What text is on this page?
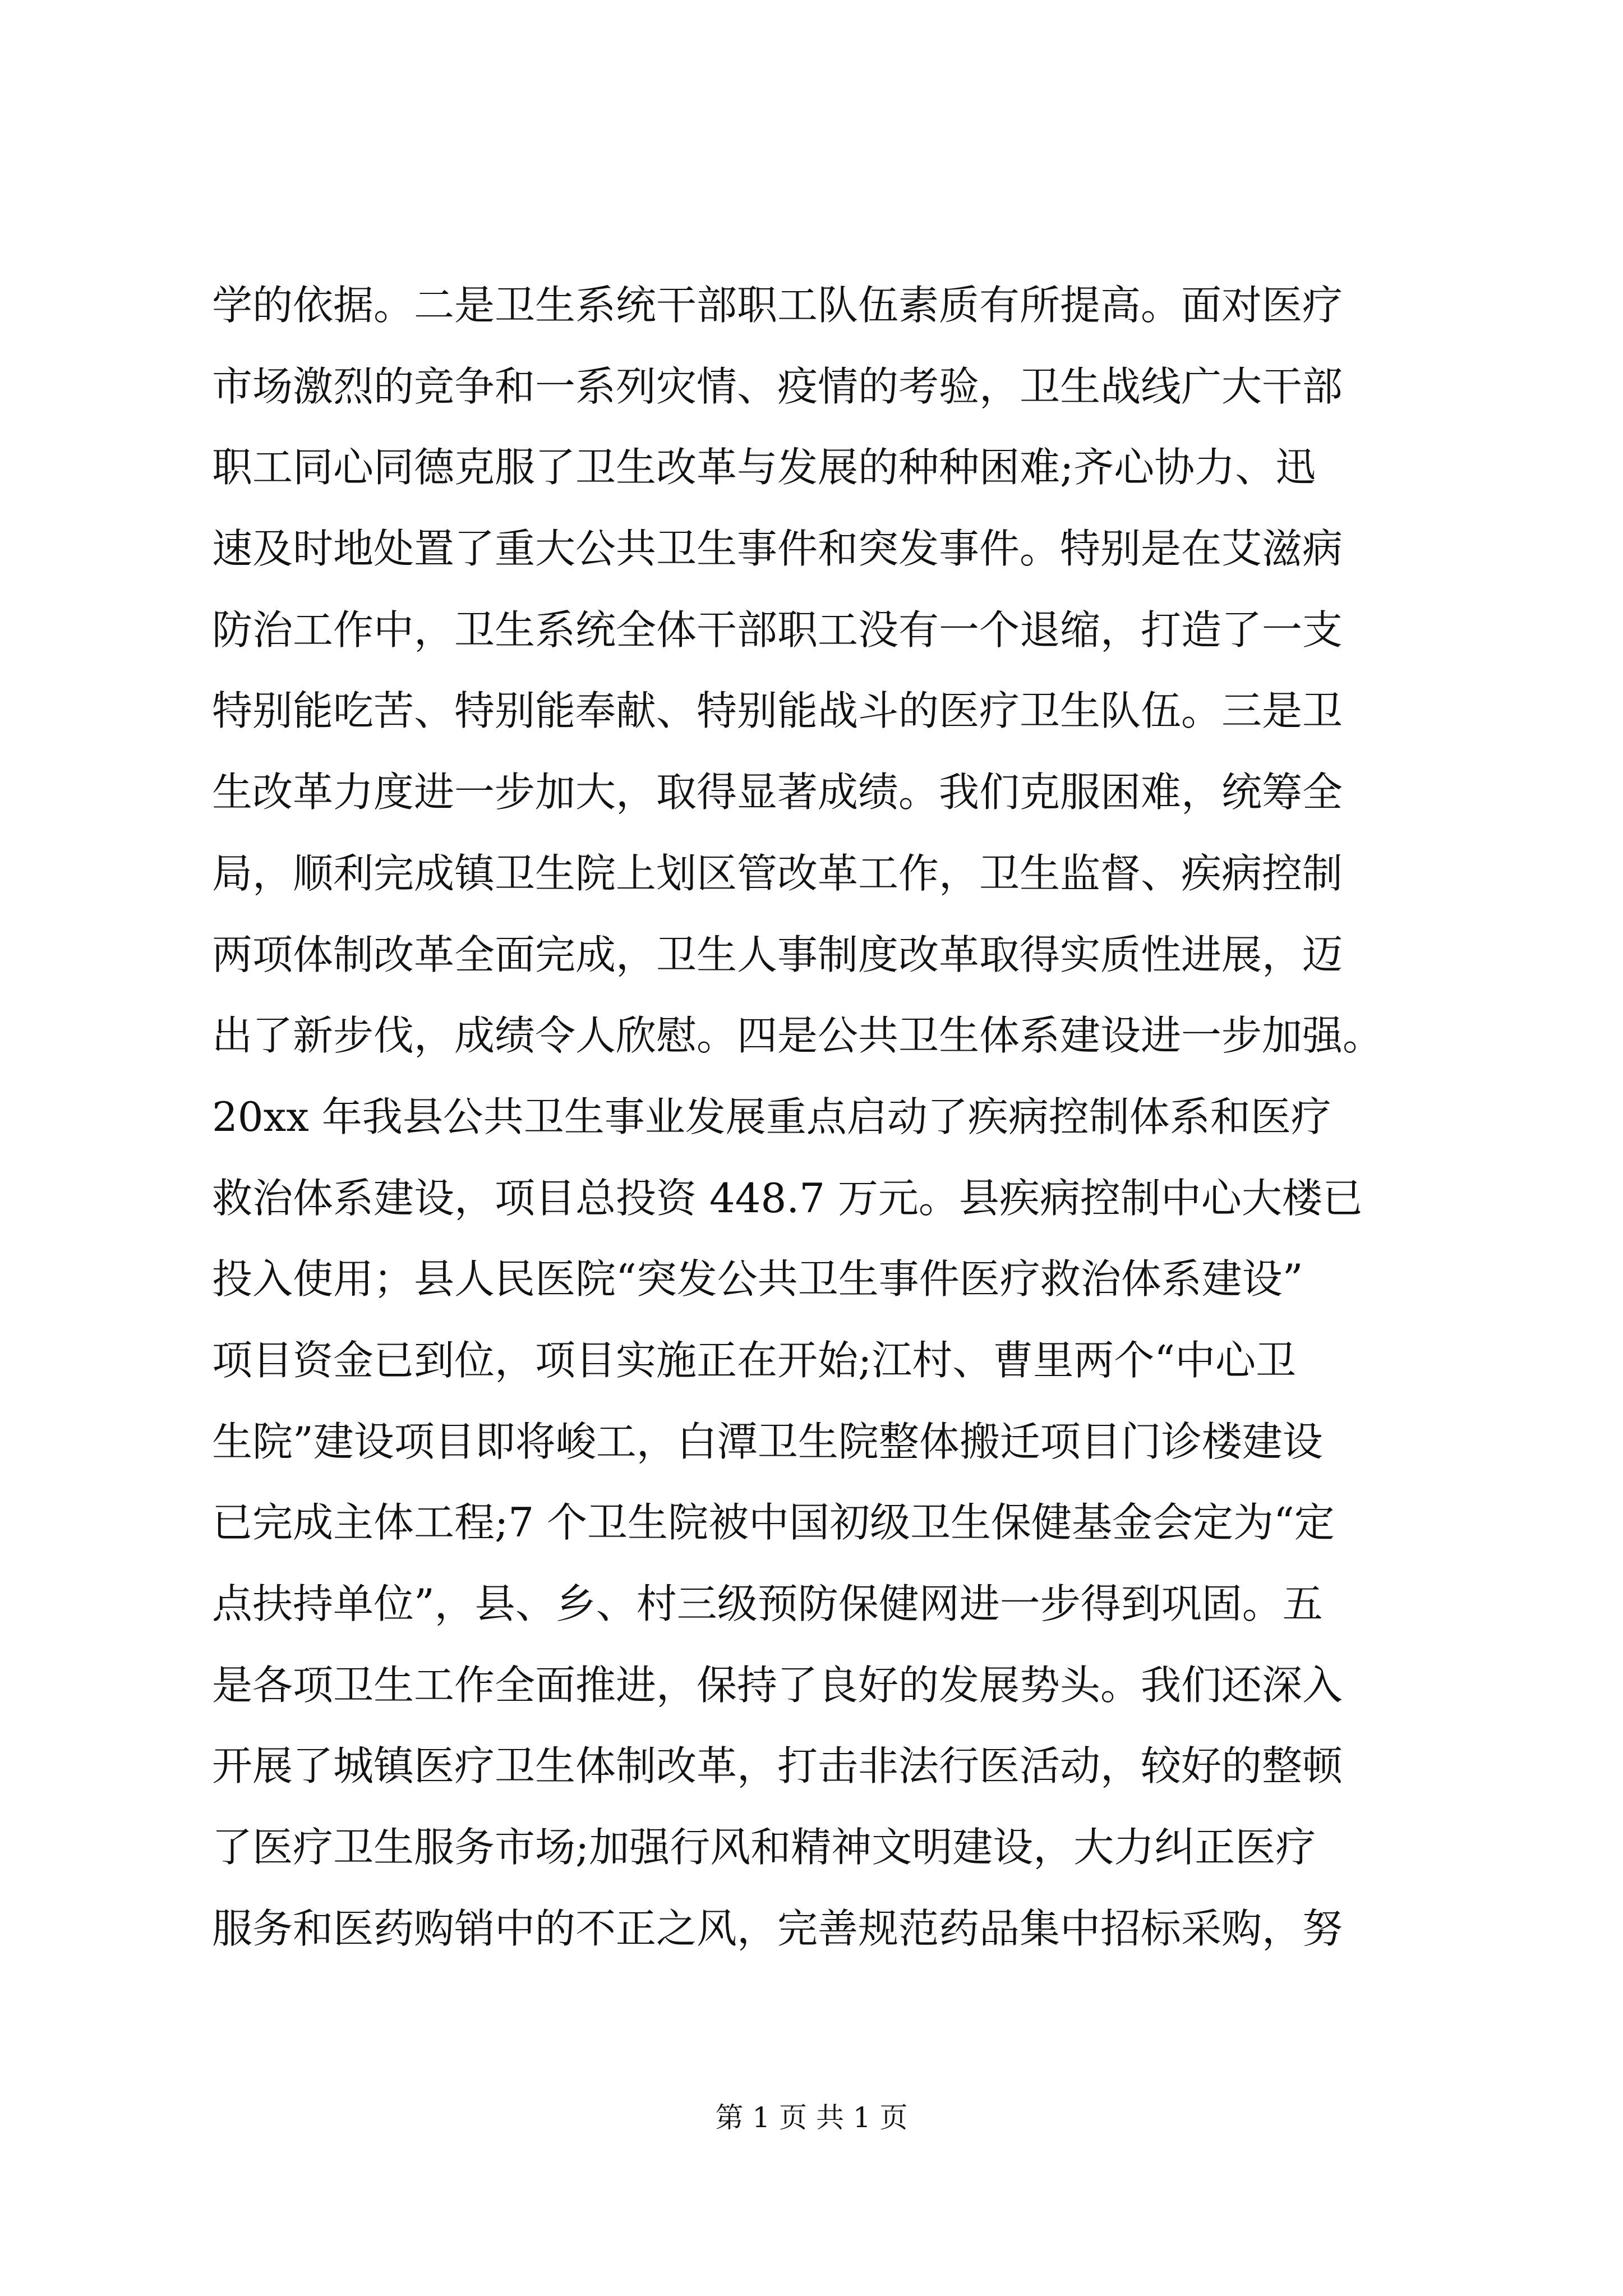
学的依据。二是卫生系统干部职工队伍素质有所提高。面对医疗
市场激烈的竞争和一系列灾情、疫情的考验，卫生战线广大干部
职工同心同德克服了卫生改革与发展的种种困难;齐心协力、迅
速及时地处置了重大公共卫生事件和突发事件。特别是在艾滋病
防治工作中，卫生系统全体干部职工没有一个退缩，打造了一支
特别能吃苦、特别能奉献、特别能战斗的医疗卫生队伍。三是卫
生改革力度进一步加大，取得显著成绩。我们克服困难，统筹全
局，顺利完成镇卫生院上划区管改革工作，卫生监督、疾病控制
两项体制改革全面完成，卫生人事制度改革取得实质性进展，迈
出了新步伐，成绩令人欣慰。四是公共卫生体系建设进一步加强。
20xx 年我县公共卫生事业发展重点启动了疾病控制体系和医疗
救治体系建设，项目总投资 448.7 万元。县疾病控制中心大楼已
投入使用；县人民医院“突发公共卫生事件医疗救治体系建设”
项目资金已到位，项目实施正在开始;江村、曹里两个“中心卫
生院”建设项目即将峻工，白潭卫生院整体搬迁项目门诊楼建设
已完成主体工程;7 个卫生院被中国初级卫生保健基金会定为“定
点扶持单位”，县、乡、村三级预防保健网进一步得到巩固。五
是各项卫生工作全面推进，保持了良好的发展势头。我们还深入
开展了城镇医疗卫生体制改革，打击非法行医活动，较好的整顿
了医疗卫生服务市场;加强行风和精神文明建设，大力纠正医疗
服务和医药购销中的不正之风，完善规范药品集中招标采购，努
第 1 页 共 1 页
